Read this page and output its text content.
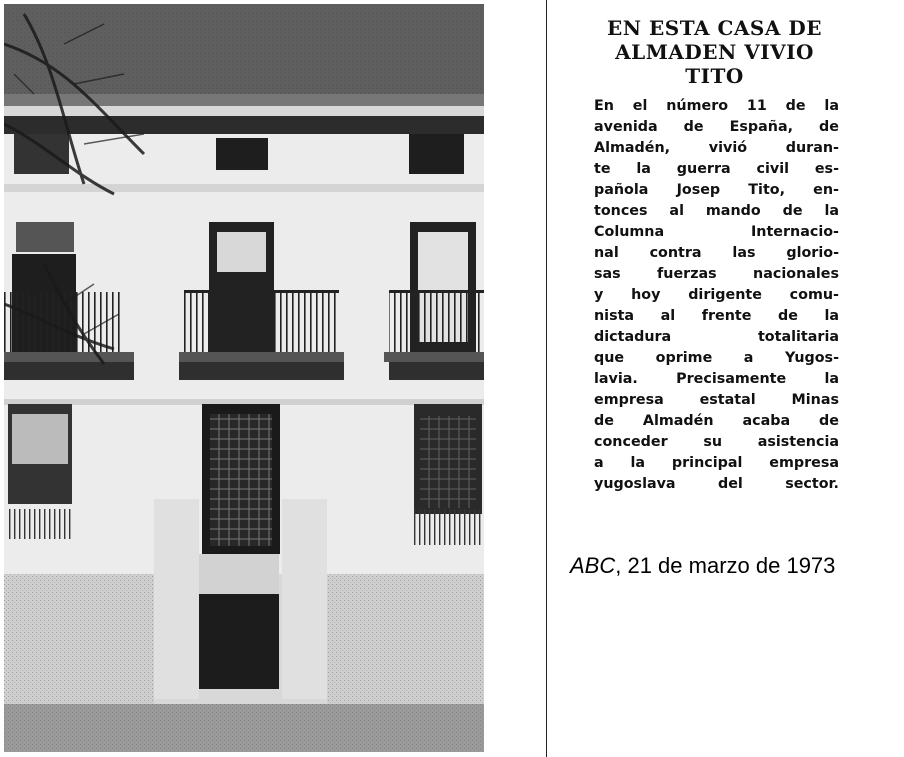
EN ESTA CASA DE
ALMADEN VIVIO
TITO
En el número 11 de la
avenida de España, de
Almadén, vivió duran-
te la guerra civil es-
pañola Josep Tito, en-
tonces al mando de la
Columna Internacio-
nal contra las glorio-
sas fuerzas nacionales
y hoy dirigente comu-
nista al frente de la
dictadura totalitaria
que oprime a Yugos-
lavia. Precisamente la
empresa estatal Minas
de Almadén acaba de
conceder su asistencia
a la principal empresa
yugoslava del sector.
ABC, 21 de marzo de 1973
